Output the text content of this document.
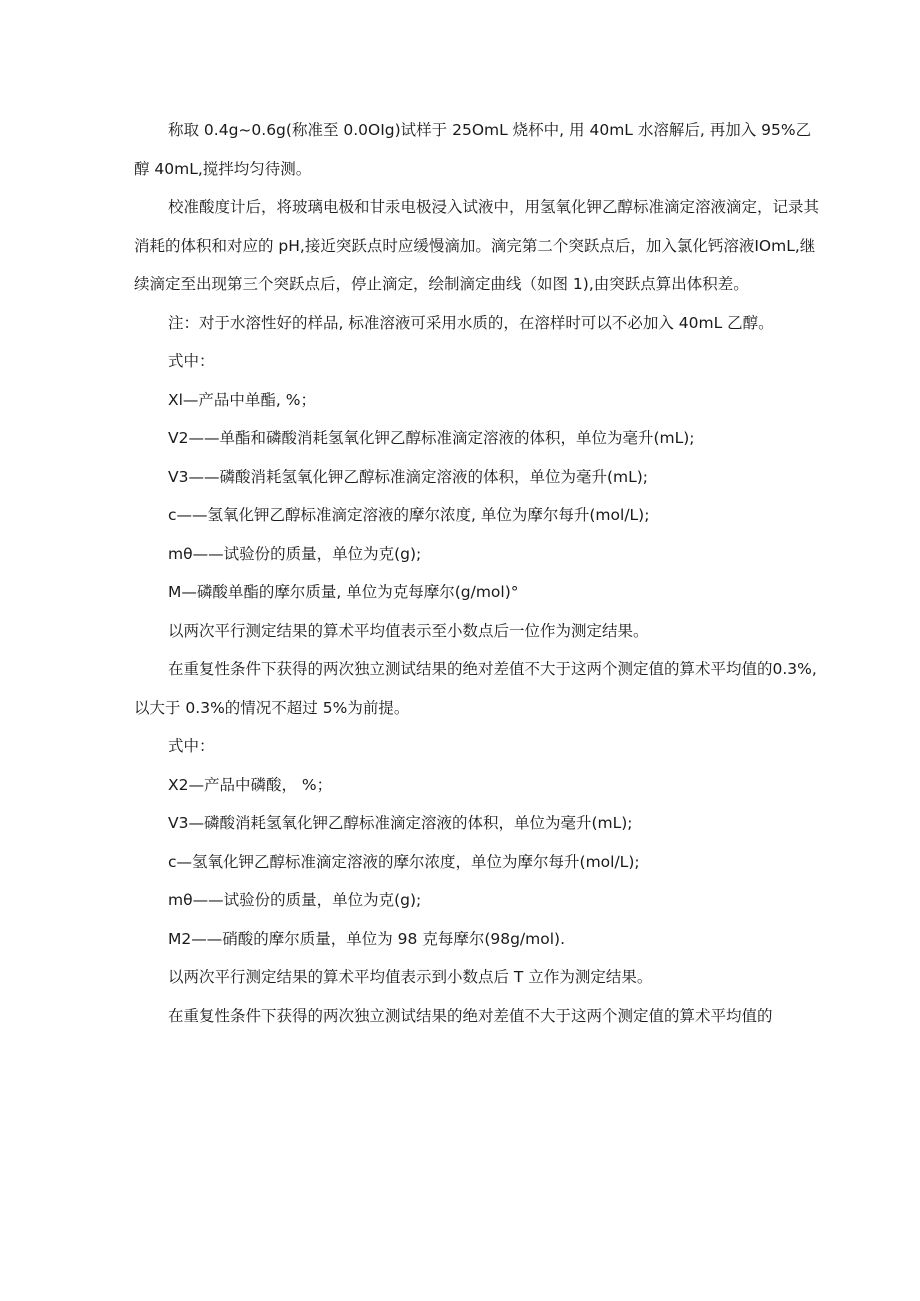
称取 0.4g~0.6g(称准至 0.0OIg)试样于 25OmL 烧杯中, 用 40mL 水溶解后, 再加入 95%乙醇 40mL,搅拌均匀待测。

校准酸度计后，将玻璃电极和甘汞电极浸入试液中，用氢氧化钾乙醇标准滴定溶液滴定，记录其消耗的体积和对应的 pH,接近突跃点时应缓慢滴加。滴完第二个突跃点后，加入氯化钙溶液IOmL,继续滴定至出现第三个突跃点后，停止滴定，绘制滴定曲线（如图 1),由突跃点算出体积差。

注：对于水溶性好的样品, 标准溶液可采用水质的，在溶样时可以不必加入 40mL 乙醇。

式中：

Xl—产品中单酯, %；

V2——单酯和磷酸消耗氢氧化钾乙醇标准滴定溶液的体积，单位为毫升(mL);

V3——磷酸消耗氢氧化钾乙醇标准滴定溶液的体积，单位为毫升(mL);

c——氢氧化钾乙醇标准滴定溶液的摩尔浓度, 单位为摩尔每升(mol∕L);

mθ——试验份的质量，单位为克(g);

M—磷酸单酯的摩尔质量, 单位为克每摩尔(g∕mol)°

以两次平行测定结果的算术平均值表示至小数点后一位作为测定结果。

在重复性条件下获得的两次独立测试结果的绝对差值不大于这两个测定值的算术平均值的0.3%,以大于 0.3%的情况不超过 5%为前提。

式中：

X2—产品中磷酸， %；

V3—磷酸消耗氢氧化钾乙醇标准滴定溶液的体积，单位为毫升(mL);

c—氢氧化钾乙醇标准滴定溶液的摩尔浓度，单位为摩尔每升(mol∕L);

mθ——试验份的质量，单位为克(g);

M2——硝酸的摩尔质量，单位为 98 克每摩尔(98g∕mol).

以两次平行测定结果的算术平均值表示到小数点后 T 立作为测定结果。

在重复性条件下获得的两次独立测试结果的绝对差值不大于这两个测定值的算术平均值的
